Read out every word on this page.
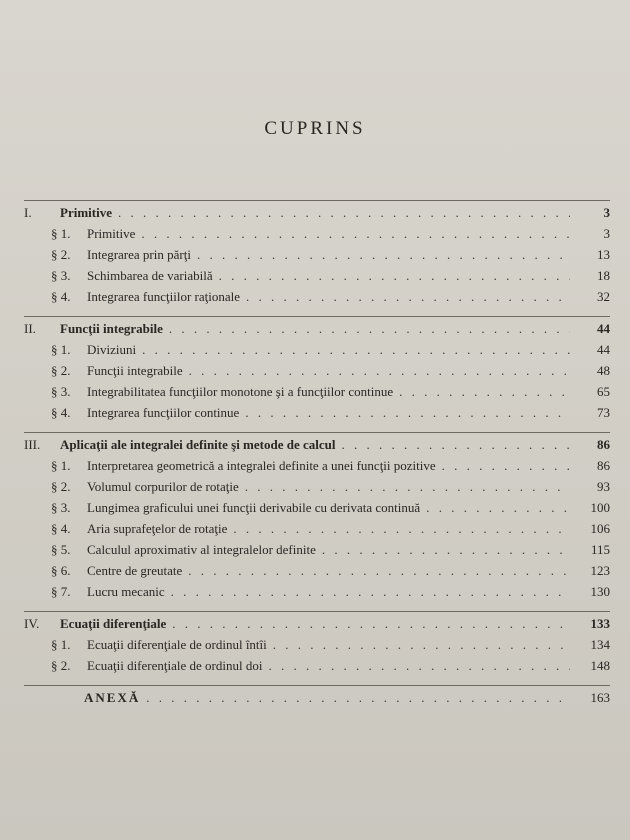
CUPRINS
I.	Primitive . . .	3
§ 1.	Primitive . . .	3
§ 2.	Integrarea prin părţi . . .	13
§ 3.	Schimbarea de variabilă . . .	18
§ 4.	Integrarea funcţiilor raţionale . . .	32
II.	Funcţii integrabile . . .	44
§ 1.	Diviziuni . . .	44
§ 2.	Funcţii integrabile . . .	48
§ 3.	Integrabilitatea funcţiilor monotone şi a funcţiilor continue . . .	65
§ 4.	Integrarea funcţiilor continue . . .	73
III.	Aplicaţii ale integralei definite şi metode de calcul . . .	86
§ 1.	Interpretarea geometrică a integralei definite a unei funcţii pozitive . . .	86
§ 2.	Volumul corpurilor de rotaţie . . .	93
§ 3.	Lungimea graficului unei funcţii derivabile cu derivata continuă . . .	100
§ 4.	Aria suprafeţelor de rotaţie . . .	106
§ 5.	Calculul aproximativ al integralelor definite . . .	115
§ 6.	Centre de greutate . . .	123
§ 7.	Lucru mecanic . . .	130
IV.	Ecuaţii diferenţiale . . .	133
§ 1.	Ecuaţii diferenţiale de ordinul întîi . . .	134
§ 2.	Ecuaţii diferenţiale de ordinul doi . . .	148
ANEXĂ . . .	163
